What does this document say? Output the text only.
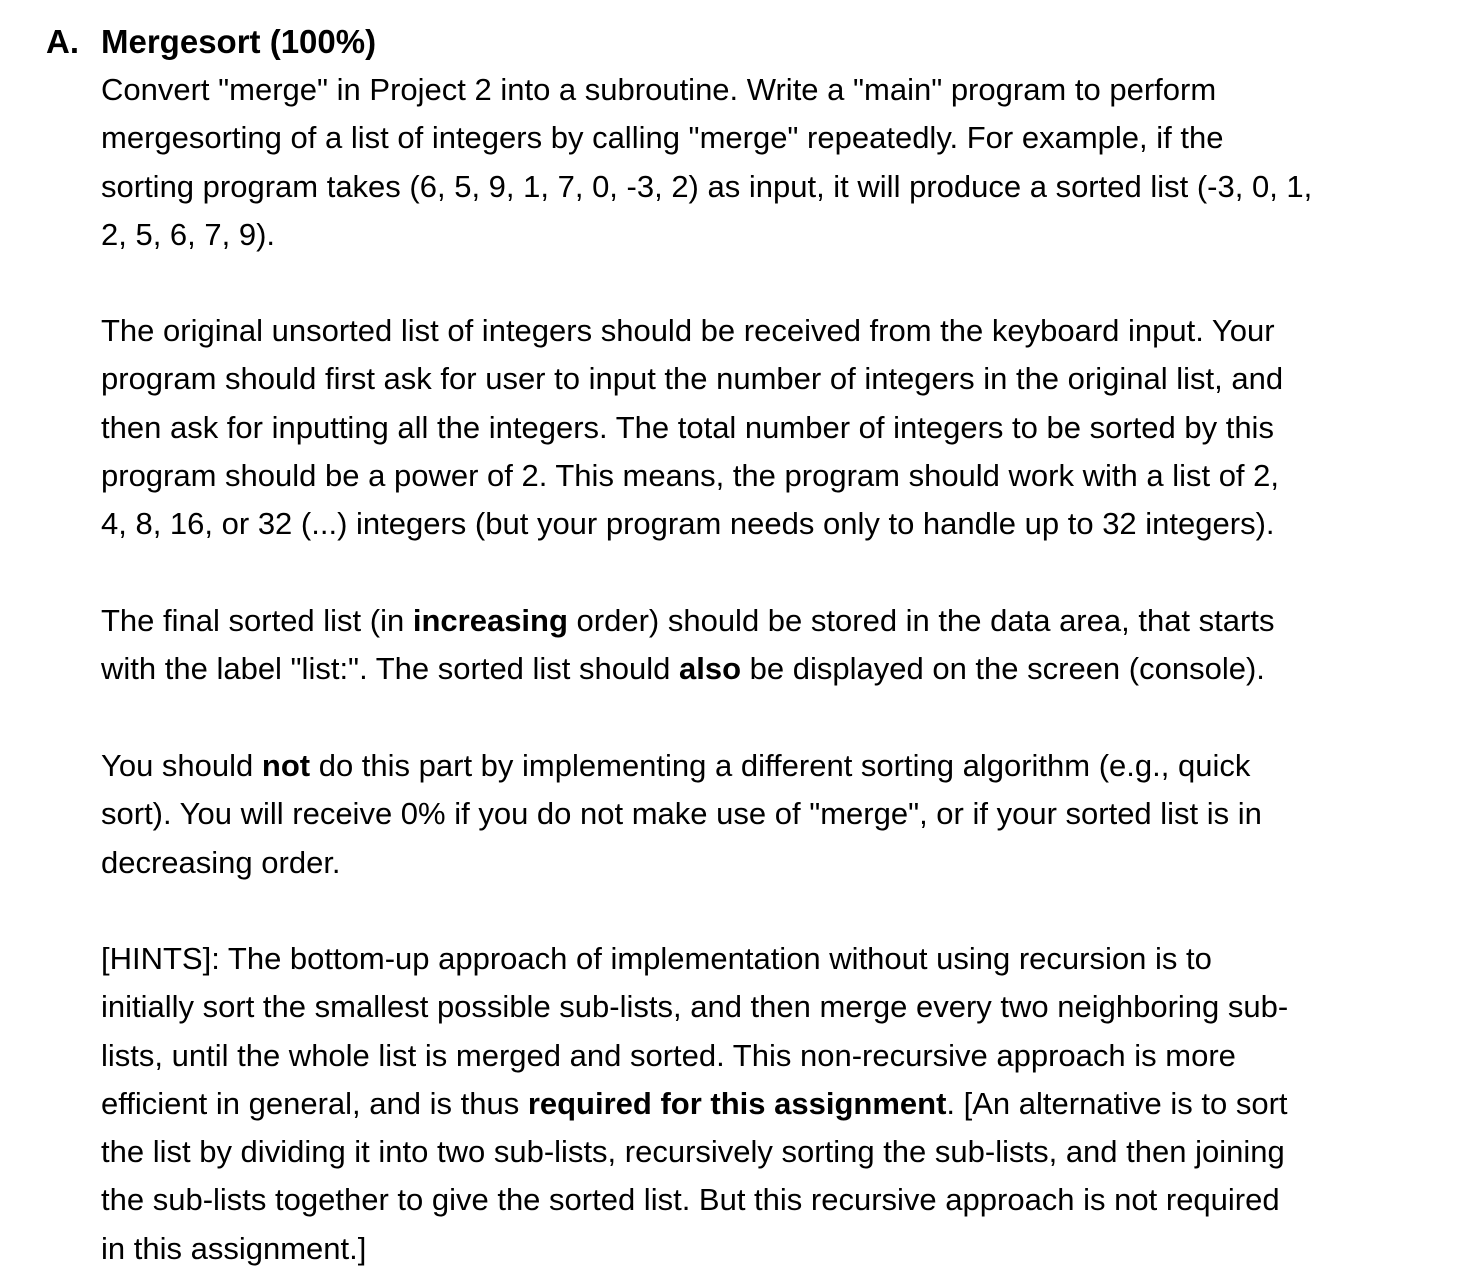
A. Mergesort (100%)
Convert "merge" in Project 2 into a subroutine. Write a "main" program to perform
mergesorting of a list of integers by calling "merge" repeatedly. For example, if the
sorting program takes (6, 5, 9, 1, 7, 0, -3, 2) as input, it will produce a sorted list (-3, 0, 1,
2, 5, 6, 7, 9).
The original unsorted list of integers should be received from the keyboard input. Your
program should first ask for user to input the number of integers in the original list, and
then ask for inputting all the integers. The total number of integers to be sorted by this
program should be a power of 2. This means, the program should work with a list of 2,
4, 8, 16, or 32 (...) integers (but your program needs only to handle up to 32 integers).
The final sorted list (in increasing order) should be stored in the data area, that starts
with the label "list:". The sorted list should also be displayed on the screen (console).
You should not do this part by implementing a different sorting algorithm (e.g., quick
sort). You will receive 0% if you do not make use of "merge", or if your sorted list is in
decreasing order.
[HINTS]: The bottom-up approach of implementation without using recursion is to
initially sort the smallest possible sub-lists, and then merge every two neighboring sub-
lists, until the whole list is merged and sorted. This non-recursive approach is more
efficient in general, and is thus required for this assignment. [An alternative is to sort
the list by dividing it into two sub-lists, recursively sorting the sub-lists, and then joining
the sub-lists together to give the sorted list. But this recursive approach is not required
in this assignment.]
